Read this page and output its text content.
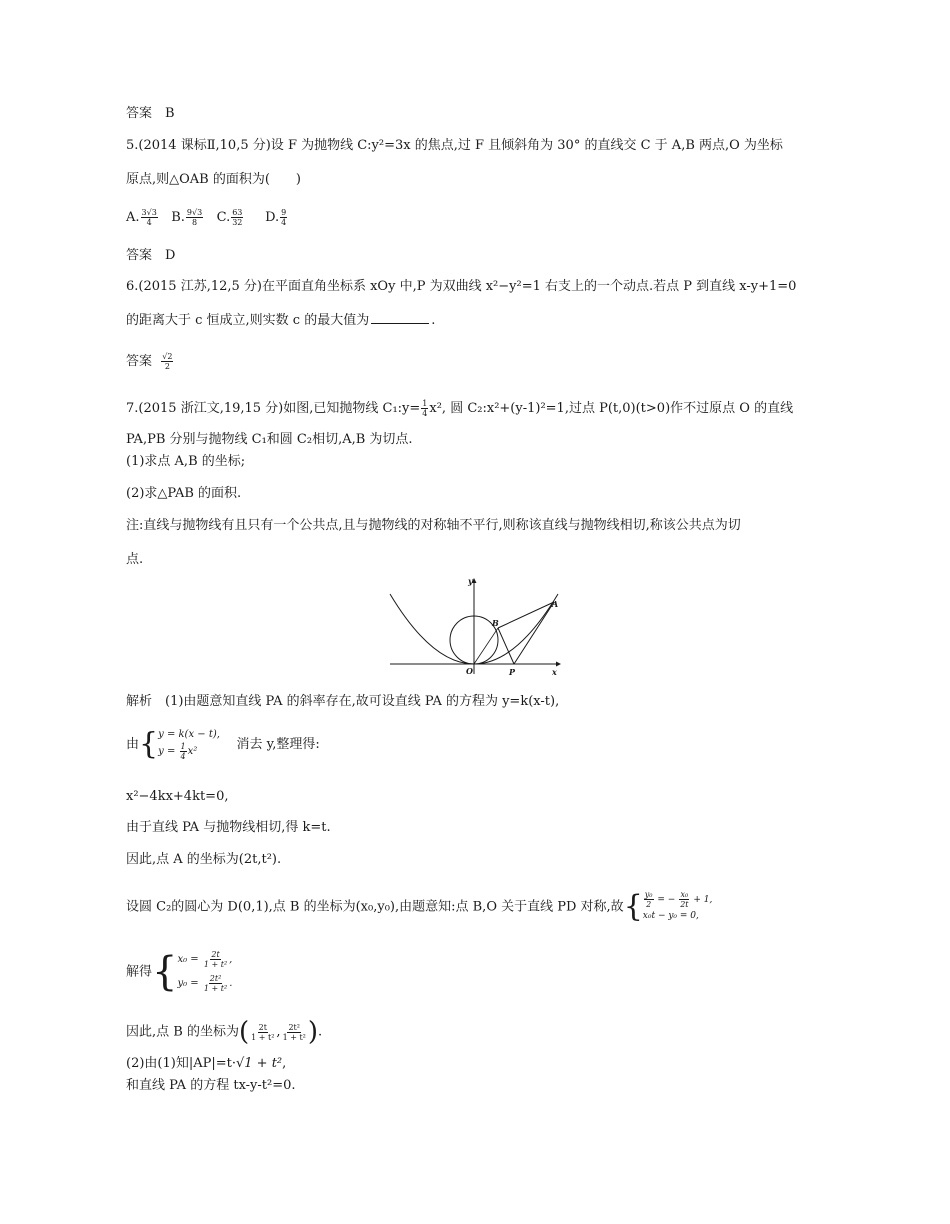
答案　B
5.(2014 课标Ⅱ,10,5 分)设 F 为抛物线 C:y²=3x 的焦点,过 F 且倾斜角为 30° 的直线交 C 于 A,B 两点,O 为坐标
原点,则△OAB 的面积为(　　)
A. $\frac{3√3}{4} B$. $\frac{9√3}{8} C$. $\frac{63}{32} D$. $\frac{9}{4}$
答案　D
6.(2015 江苏,12,5 分)在平面直角坐标系 xOy 中,P 为双曲线 x²−y²=1 右支上的一个动点.若点 P 到直线 x-y+1=0
的距离大于 c 恒成立,则实数 c 的最大值为	.
答案 $\frac{√2}{2}$
7.(2015 浙江文,19,15 分)如图,已知抛物线 C₁:y= $\frac{1}{4} x^2$, 圆 C₂:x²+(y-1)²=1,过点 P(t,0)(t>0)作不过原点 O 的直线
PA,PB 分别与抛物线 C₁和圆 C₂相切,A,B 为切点.
(1)求点 A,B 的坐标;
(2)求△PAB 的面积.
注:直线与抛物线有且只有一个公共点,且与抛物线的对称轴不平行,则称该直线与抛物线相切,称该公共点为切
点.
y
x
O	P
A
B
解析　(1)由题意知直线 PA 的斜率存在,故可设直线 PA 的方程为 y=k(x-t),
由{ y = k(x − t),
$y = \frac{1}{4} x^2$	消去 y,整理得:
x²−4kx+4kt=0,
由于直线 PA 与抛物线相切,得 k=t.
因此,点 A 的坐标为(2t,t²).
设圆 C₂的圆心为 D(0,1),点 B 的坐标为(x₀,y₀),由题意知:点 B,O 关于直线 PD 对称,故{ $\frac{\text{y₀}}{2}$ = − $\frac{\text{x₀}}{2t} + 1$,
x₀t − y₀ = 0,
解得{ $x_0 = \frac{2t}{\text{1 + t²}}$ ,
$y_0 = \frac{\text{2t²}}{\text{1 + t²}}$ .
因此,点 B 的坐标为( $\frac{2t}{\text{1 + t²}}$ , $\frac{\text{2t²}}{\text{1 + t²}}$ ).
(2)由(1)知|AP|=t·√1 + t²,
和直线 PA 的方程 tx-y-t²=0.
